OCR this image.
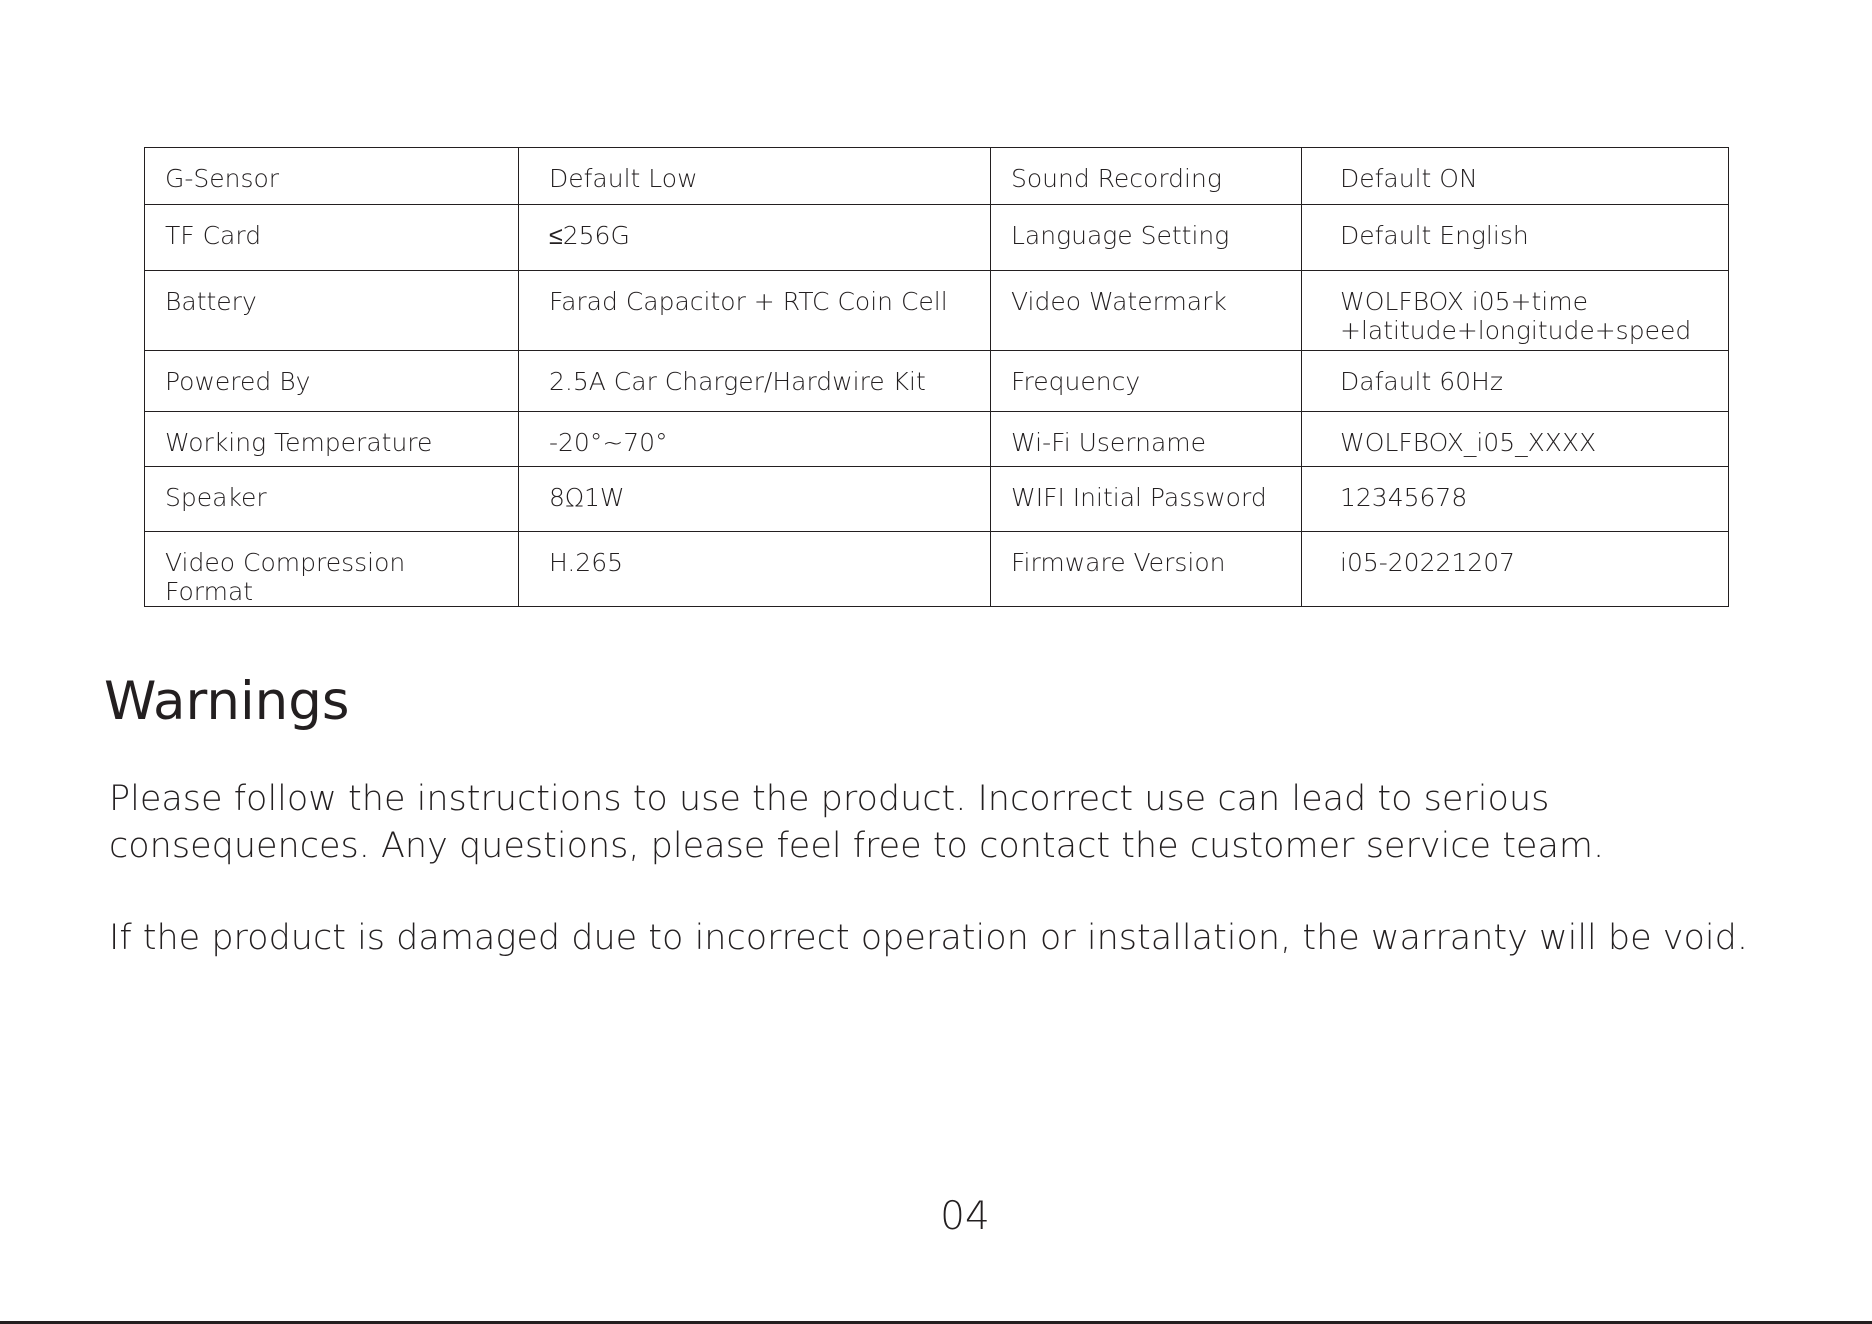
G-Sensor	Default Low	Sound Recording	Default ON

TF Card	≤256G	Language Setting	Default English

Battery	Farad Capacitor + RTC Coin Cell	Video Watermark	WOLFBOX i05+time
+latitude+longitude+speed

Powered By	2.5A Car Charger/Hardwire Kit	Frequency	Dafault 60Hz

Working Temperature	-20°~70°	Wi-Fi Username	WOLFBOX_i05_XXXX

Speaker	8Ω1W	WIFI Initial Password	12345678

Video Compression
Format	H.265	Firmware Version	i05-20221207
Warnings

Please follow the instructions to use the product. Incorrect use can lead to serious consequences. Any questions, please feel free to contact the customer service team.

If the product is damaged due to incorrect operation or installation, the warranty will be void.

04
